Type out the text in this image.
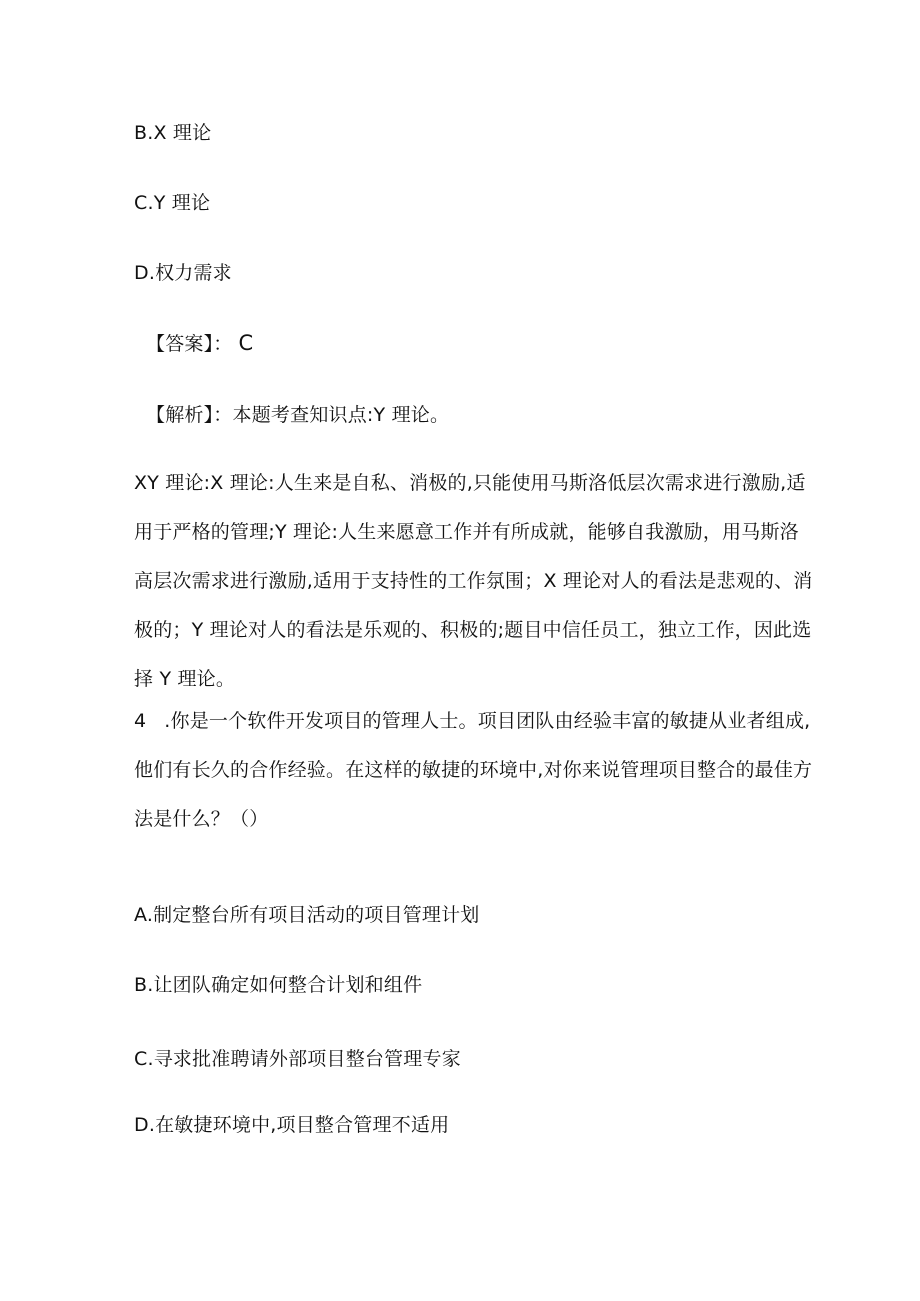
B.X 理论
C.Y 理论
D.权力需求
【答案】： C
【解析】：本题考查知识点:Y 理论。
XY 理论:X 理论:人生来是自私、消极的,只能使用马斯洛低层次需求进行激励,适
用于严格的管理;Y 理论:人生来愿意工作并有所成就，能够自我激励，用马斯洛
高层次需求进行激励,适用于支持性的工作氛围；X 理论对人的看法是悲观的、消
极的；Y 理论对人的看法是乐观的、积极的;题目中信任员工，独立工作，因此选
择 Y 理论。
4 .你是一个软件开发项目的管理人士。项目团队由经验丰富的敏捷从业者组成,
他们有长久的合作经验。在这样的敏捷的环境中,对你来说管理项目整合的最佳方
法是什么？（）
A.制定整台所有项目活动的项目管理计划
B.让团队确定如何整合计划和组件
C.寻求批准聘请外部项目整台管理专家
D.在敏捷环境中,项目整合管理不适用
